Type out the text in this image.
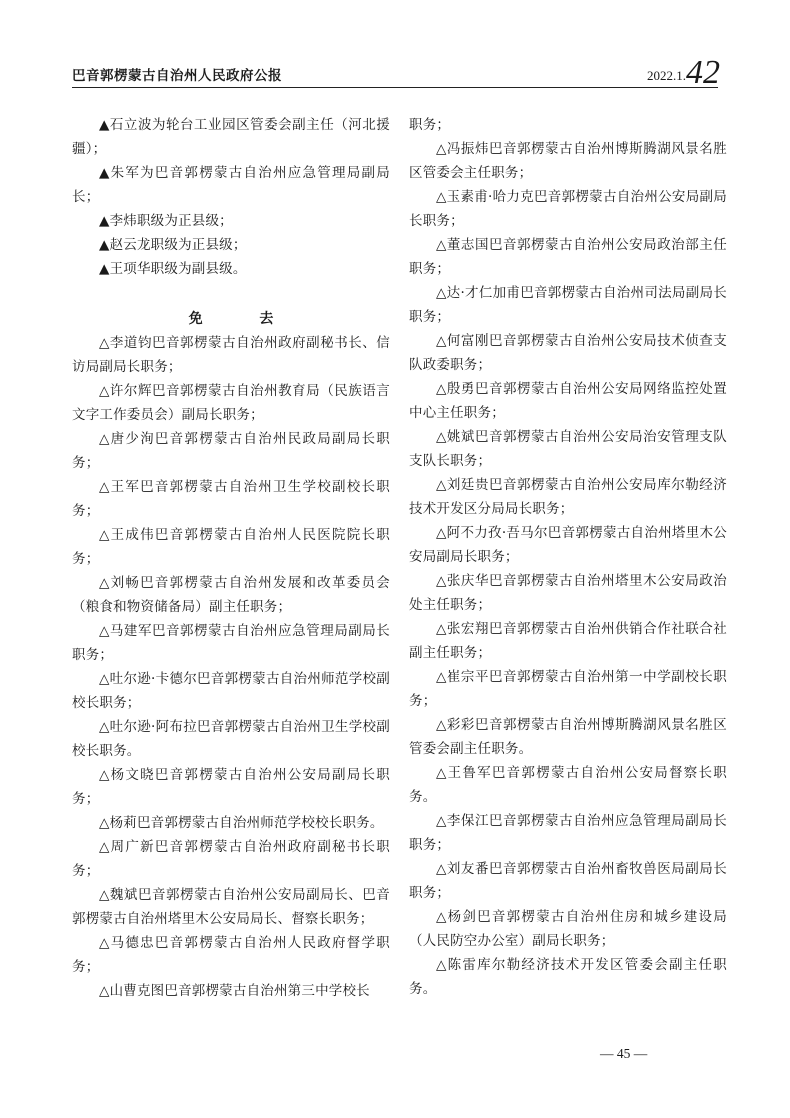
巴音郭楞蒙古自治州人民政府公报	2022.1. 42

▲石立波为轮台工业园区管委会副主任（河北援疆）；

▲朱军为巴音郭楞蒙古自治州应急管理局副局长；

▲李炜职级为正县级；

▲赵云龙职级为正县级；

▲王项华职级为副县级。

免 去

△李道钧巴音郭楞蒙古自治州政府副秘书长、信访局副局长职务；

△许尔辉巴音郭楞蒙古自治州教育局（民族语言文字工作委员会）副局长职务；

△唐少洵巴音郭楞蒙古自治州民政局副局长职务；

△王军巴音郭楞蒙古自治州卫生学校副校长职务；

△王成伟巴音郭楞蒙古自治州人民医院院长职务；

△刘畅巴音郭楞蒙古自治州发展和改革委员会（粮食和物资储备局）副主任职务；

△马建军巴音郭楞蒙古自治州应急管理局副局长职务；

△吐尔逊·卡德尔巴音郭楞蒙古自治州师范学校副校长职务；

△吐尔逊·阿布拉巴音郭楞蒙古自治州卫生学校副校长职务。

△杨文晓巴音郭楞蒙古自治州公安局副局长职务；

△杨莉巴音郭楞蒙古自治州师范学校校长职务。

△周广新巴音郭楞蒙古自治州政府副秘书长职务；

△魏斌巴音郭楞蒙古自治州公安局副局长、巴音郭楞蒙古自治州塔里木公安局局长、督察长职务；

△马德忠巴音郭楞蒙古自治州人民政府督学职务；

△山曹克图巴音郭楞蒙古自治州第三中学校长

职务；

△冯振炜巴音郭楞蒙古自治州博斯腾湖风景名胜区管委会主任职务；

△玉素甫·哈力克巴音郭楞蒙古自治州公安局副局长职务；

△董志国巴音郭楞蒙古自治州公安局政治部主任职务；

△达·才仁加甫巴音郭楞蒙古自治州司法局副局长职务；

△何富刚巴音郭楞蒙古自治州公安局技术侦查支队政委职务；

△殷勇巴音郭楞蒙古自治州公安局网络监控处置中心主任职务；

△姚斌巴音郭楞蒙古自治州公安局治安管理支队支队长职务；

△刘廷贵巴音郭楞蒙古自治州公安局库尔勒经济技术开发区分局局长职务；

△阿不力孜·吾马尔巴音郭楞蒙古自治州塔里木公安局副局长职务；

△张庆华巴音郭楞蒙古自治州塔里木公安局政治处主任职务；

△张宏翔巴音郭楞蒙古自治州供销合作社联合社副主任职务；

△崔宗平巴音郭楞蒙古自治州第一中学副校长职务；

△彩彩巴音郭楞蒙古自治州博斯腾湖风景名胜区管委会副主任职务。

△王鲁军巴音郭楞蒙古自治州公安局督察长职务。

△李保江巴音郭楞蒙古自治州应急管理局副局长职务；

△刘友番巴音郭楞蒙古自治州畜牧兽医局副局长职务；

△杨剑巴音郭楞蒙古自治州住房和城乡建设局（人民防空办公室）副局长职务；

△陈雷库尔勒经济技术开发区管委会副主任职务。

— 45 —
